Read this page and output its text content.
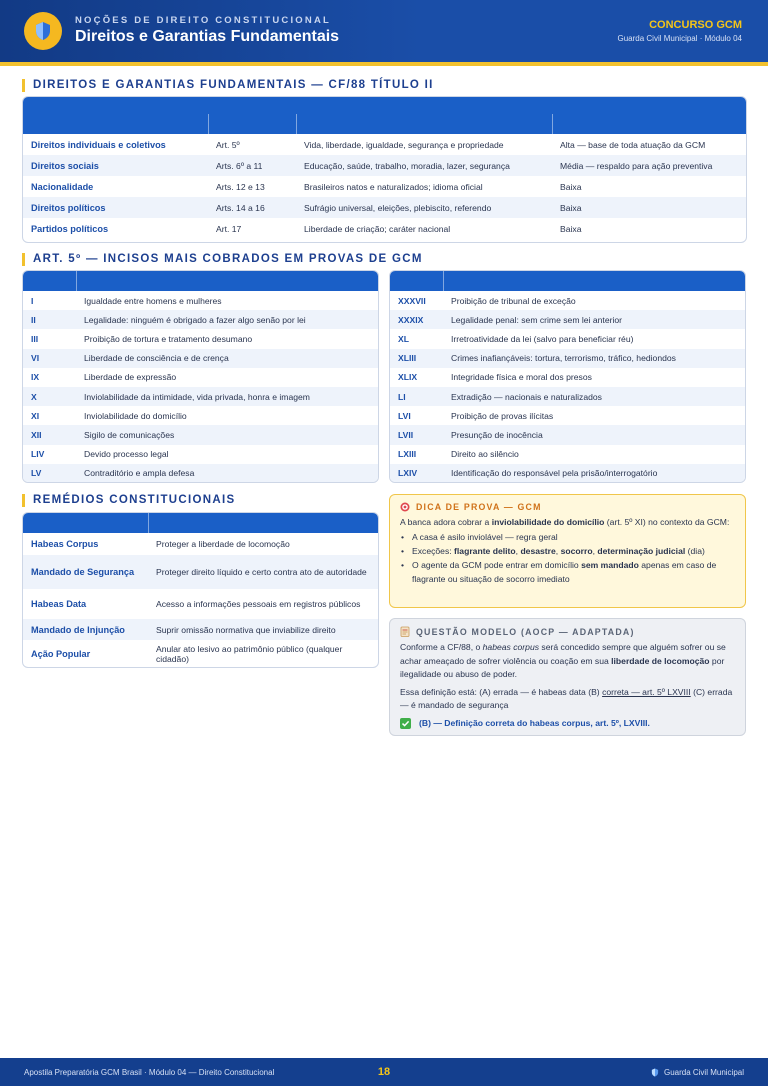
NOÇÕES DE DIREITO CONSTITUCIONAL
Direitos e Garantias Fundamentais
CONCURSO GCM
Guarda Civil Municipal · Módulo 04
DIREITOS E GARANTIAS FUNDAMENTAIS — CF/88 TÍTULO II

Direitos individuais e coletivos	Art. 5º	Vida, liberdade, igualdade, segurança e propriedade	Alta — base de toda atuação da GCM
Direitos sociais	Arts. 6º a 11	Educação, saúde, trabalho, moradia, lazer, segurança	Média — respaldo para ação preventiva
Nacionalidade	Arts. 12 e 13	Brasileiros natos e naturalizados; idioma oficial	Baixa
Direitos políticos	Arts. 14 a 16	Sufrágio universal, eleições, plebiscito, referendo	Baixa
Partidos políticos	Art. 17	Liberdade de criação; caráter nacional	Baixa
ART. 5º — INCISOS MAIS COBRADOS EM PROVAS DE GCM

I	Igualdade entre homens e mulheres
II	Legalidade: ninguém é obrigado a fazer algo senão por lei
III	Proibição de tortura e tratamento desumano
VI	Liberdade de consciência e de crença
IX	Liberdade de expressão
X	Inviolabilidade da intimidade, vida privada, honra e imagem
XI	Inviolabilidade do domicílio
XII	Sigilo de comunicações
LIV	Devido processo legal
LV	Contraditório e ampla defesa

XXXVII	Proibição de tribunal de exceção
XXXIX	Legalidade penal: sem crime sem lei anterior
XL	Irretroatividade da lei (salvo para beneficiar réu)
XLIII	Crimes inafiançáveis: tortura, terrorismo, tráfico, hediondos
XLIX	Integridade física e moral dos presos
LI	Extradição — nacionais e naturalizados
LVI	Proibição de provas ilícitas
LVII	Presunção de inocência
LXIII	Direito ao silêncio
LXIV	Identificação do responsável pela prisão/interrogatório
REMÉDIOS CONSTITUCIONAIS

Habeas Corpus	Proteger a liberdade de locomoção
Mandado de Segurança	Proteger direito líquido e certo contra ato de autoridade
Habeas Data	Acesso a informações pessoais em registros públicos
Mandado de Injunção	Suprir omissão normativa que inviabilize direito
Ação Popular	Anular ato lesivo ao patrimônio público (qualquer cidadão)
DICA DE PROVA — GCM

A banca adora cobrar a inviolabilidade do domicílio (art. 5º XI) no contexto da GCM:

• A casa é asilo inviolável — regra geral
• Exceções: flagrante delito, desastre, socorro, determinação judicial (dia)
• O agente da GCM pode entrar em domicílio sem mandado apenas em caso de flagrante ou situação de socorro imediato
QUESTÃO MODELO (AOCP — ADAPTADA)

Conforme a CF/88, o habeas corpus será concedido sempre que alguém sofrer ou se achar ameaçado de sofrer violência ou coação em sua liberdade de locomoção por ilegalidade ou abuso de poder.

Essa definição está: (A) errada — é habeas data (B) correta — art. 5º LXVIII (C) errada — é mandado de segurança

(B) — Definição correta do habeas corpus, art. 5º, LXVIII.
Apostila Preparatória GCM Brasil · Módulo 04 — Direito Constitucional	18	Guarda Civil Municipal
